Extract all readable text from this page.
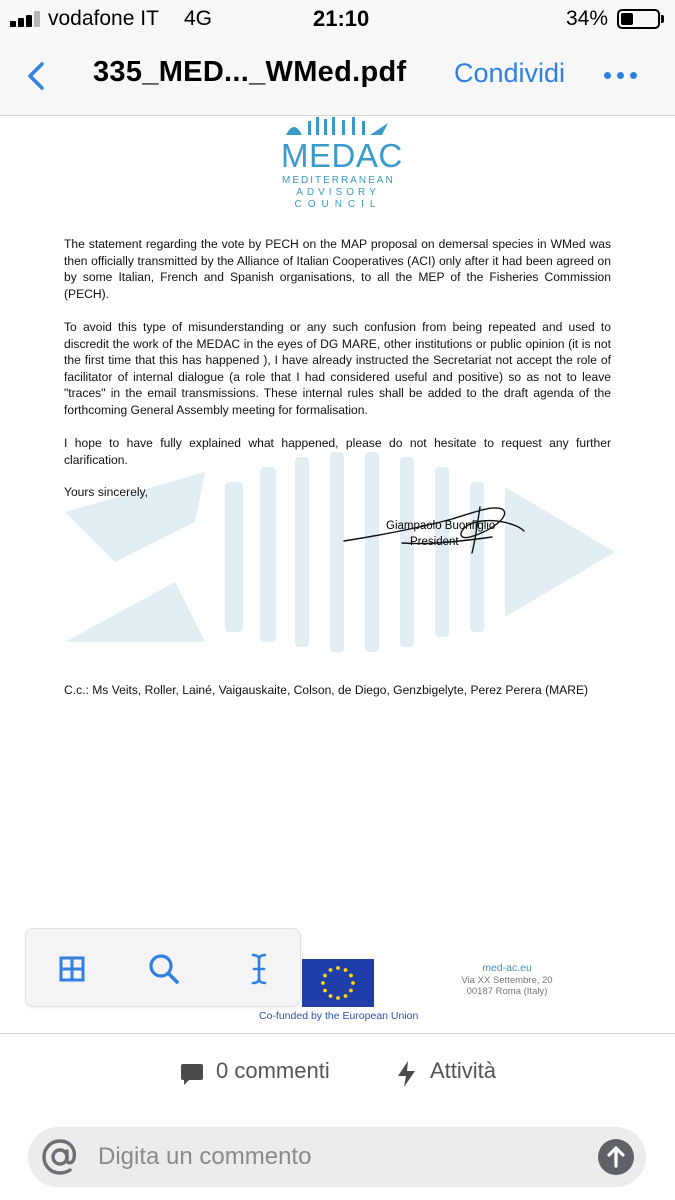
vodafone IT 4G	21:10	34%
335_MED..._WMed.pdf Condividi
MEDAC
MEDITERRANEAN
ADVISORY
COUNCIL

The statement regarding the vote by PECH on the MAP proposal on demersal species in WMed was then officially transmitted by the Alliance of Italian Cooperatives (ACI) only after it had been agreed on by some Italian, French and Spanish organisations, to all the MEP of the Fisheries Commission (PECH).

To avoid this type of misunderstanding or any such confusion from being repeated and used to discredit the work of the MEDAC in the eyes of DG MARE, other institutions or public opinion (it is not the first time that this has happened ), I have already instructed the Secretariat not accept the role of facilitator of internal dialogue (a role that I had considered useful and positive) so as not to leave "traces" in the email transmissions. These internal rules shall be added to the draft agenda of the forthcoming General Assembly meeting for formalisation.

I hope to have fully explained what happened, please do not hesitate to request any further clarification.

Yours sincerely,

Giampaolo Buonfiglio
President

C.c.: Ms Veits, Roller, Lainé, Vaigauskaite, Colson, de Diego, Genzbigelyte, Perez Perera (MARE)

Co-funded by the European Union
med-ac.eu
Via XX Settembre, 20
00187 Roma (Italy)
0 commenti	Attività
Digita un commento
